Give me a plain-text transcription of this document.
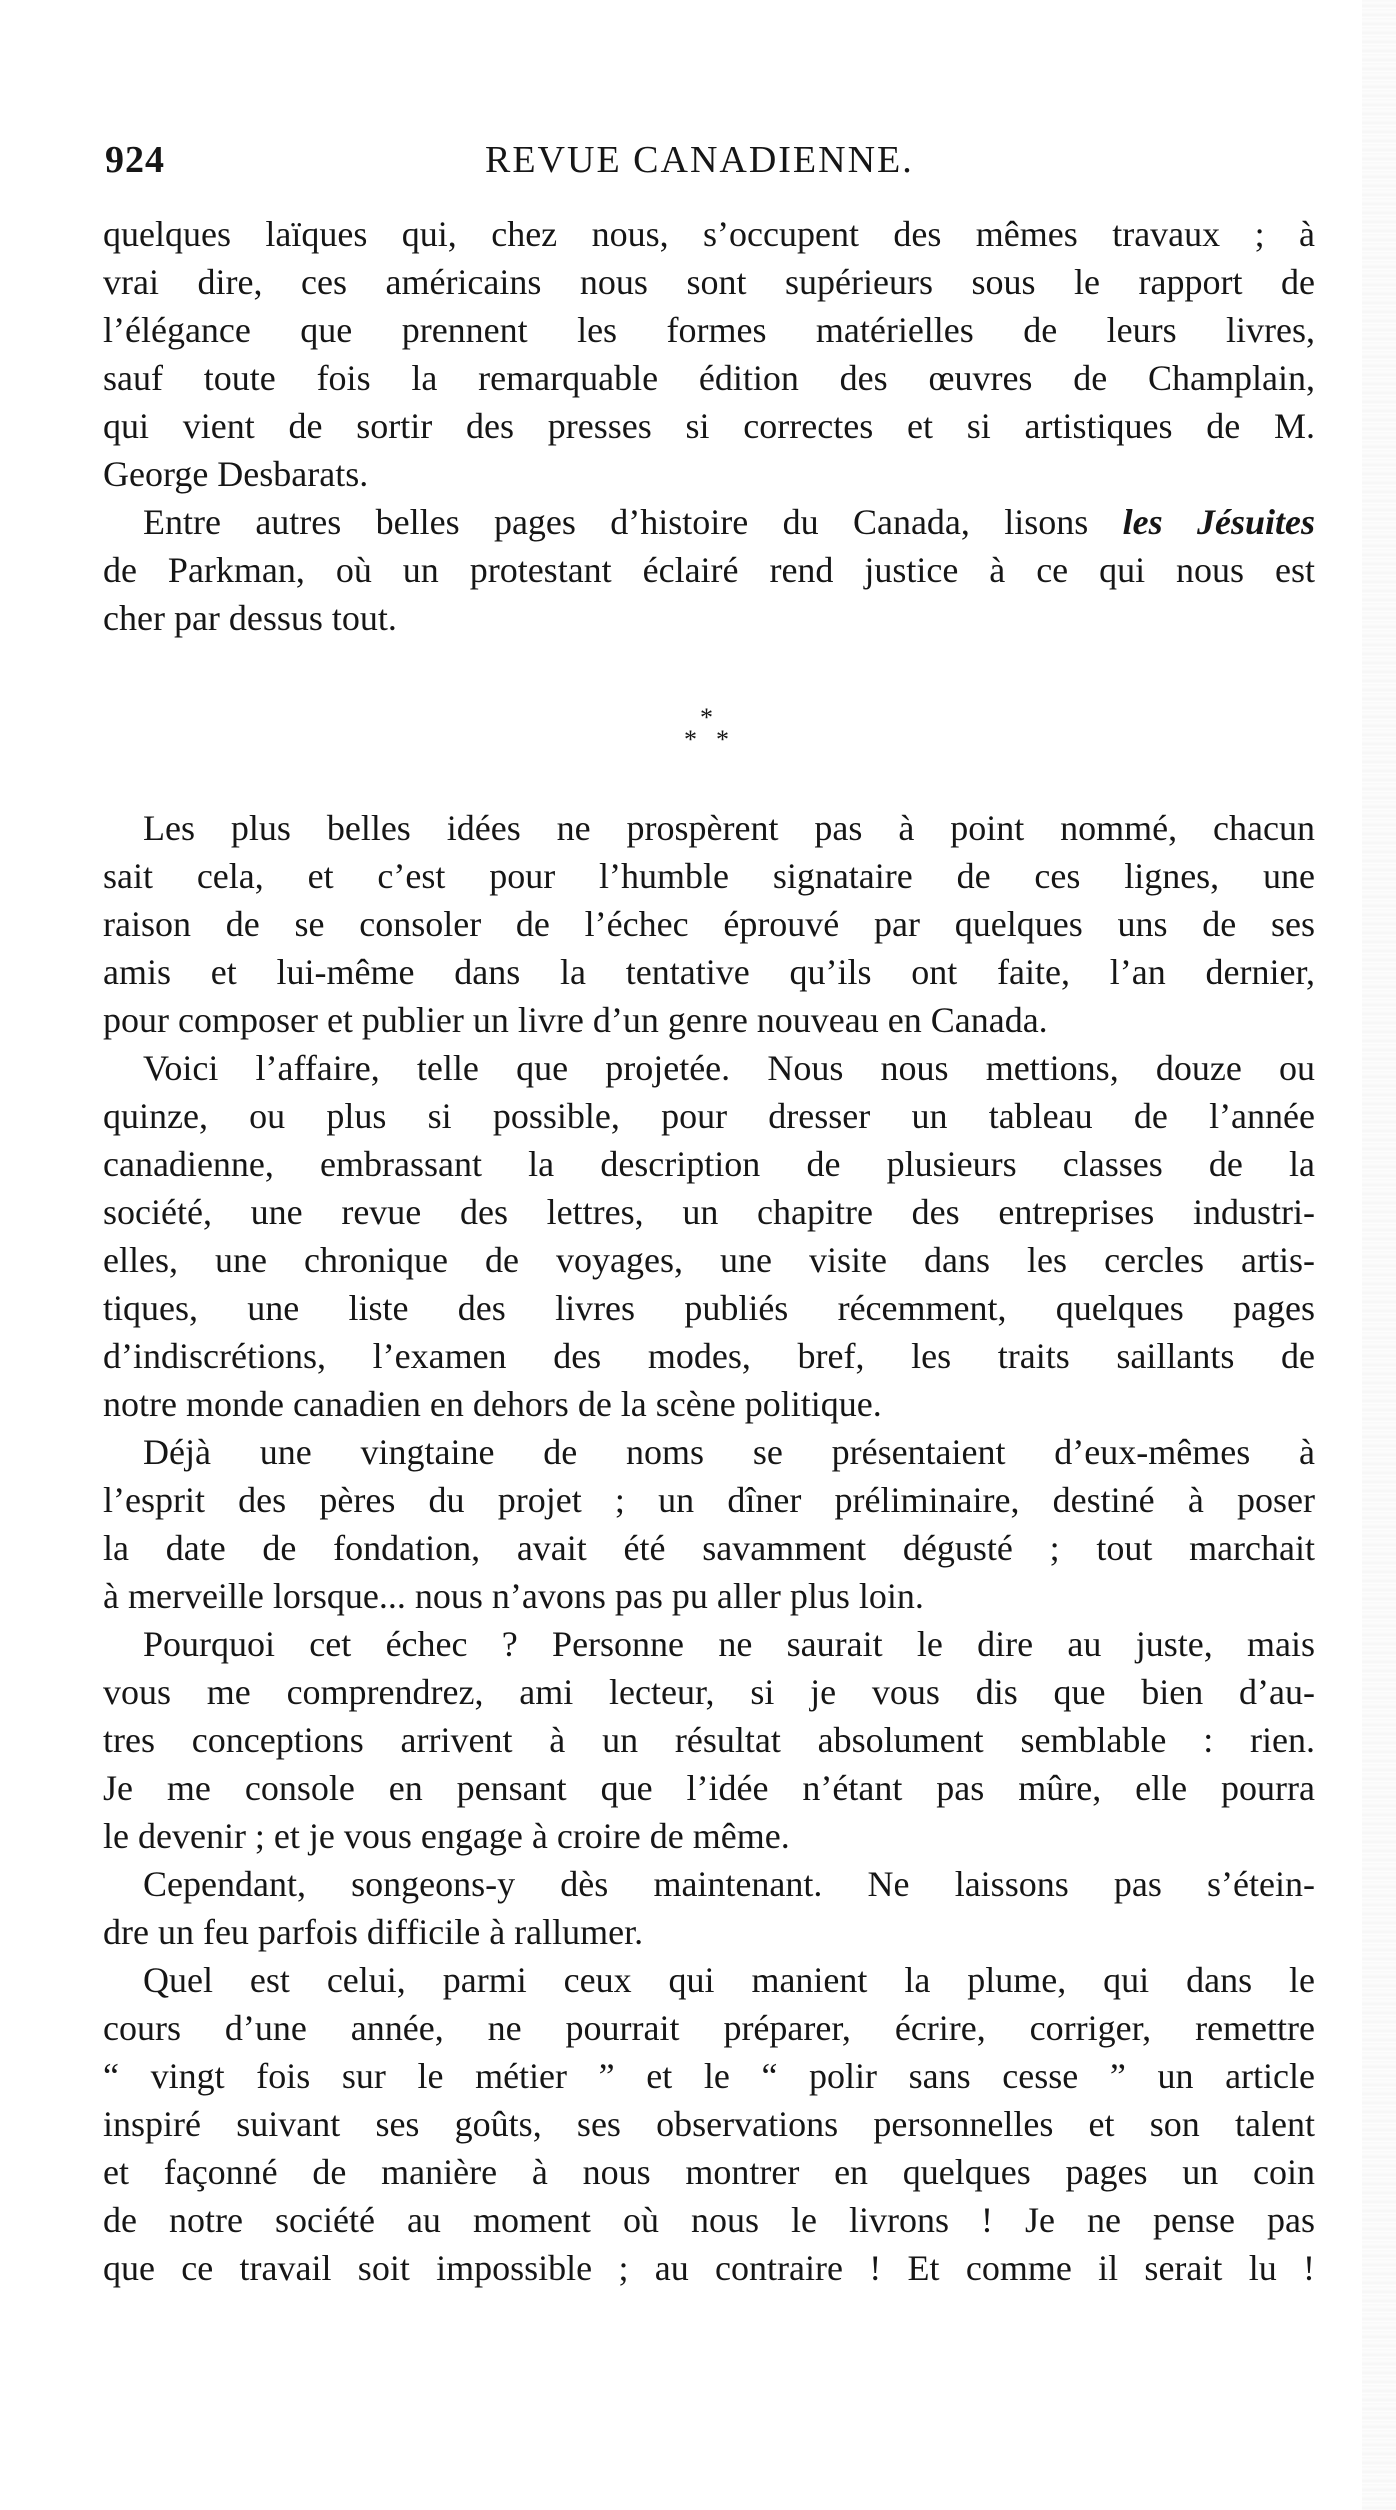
924	REVUE CANADIENNE.
quelques laïques qui, chez nous, s’occupent des mêmes travaux ; à
vrai dire, ces américains nous sont supérieurs sous le rapport de
l’élégance que prennent les formes matérielles de leurs livres,
sauf toute fois la remarquable édition des œuvres de Champlain,
qui vient de sortir des presses si correctes et si artistiques de M.
George Desbarats.
Entre autres belles pages d’histoire du Canada, lisons les Jésuites
de Parkman, où un protestant éclairé rend justice à ce qui nous est
cher par dessus tout.
*
* *
Les plus belles idées ne prospèrent pas à point nommé, chacun
sait cela, et c’est pour l’humble signataire de ces lignes, une
raison de se consoler de l’échec éprouvé par quelques uns de ses
amis et lui-même dans la tentative qu’ils ont faite, l’an dernier,
pour composer et publier un livre d’un genre nouveau en Canada.
Voici l’affaire, telle que projetée. Nous nous mettions, douze ou
quinze, ou plus si possible, pour dresser un tableau de l’année
canadienne, embrassant la description de plusieurs classes de la
société, une revue des lettres, un chapitre des entreprises industri-
elles, une chronique de voyages, une visite dans les cercles artis-
tiques, une liste des livres publiés récemment, quelques pages
d’indiscrétions, l’examen des modes, bref, les traits saillants de
notre monde canadien en dehors de la scène politique.
Déjà une vingtaine de noms se présentaient d’eux-mêmes à
l’esprit des pères du projet ; un dîner préliminaire, destiné à poser
la date de fondation, avait été savamment dégusté ; tout marchait
à merveille lorsque... nous n’avons pas pu aller plus loin.
Pourquoi cet échec ? Personne ne saurait le dire au juste, mais
vous me comprendrez, ami lecteur, si je vous dis que bien d’au-
tres conceptions arrivent à un résultat absolument semblable : rien.
Je me console en pensant que l’idée n’étant pas mûre, elle pourra
le devenir ; et je vous engage à croire de même.
Cependant, songeons-y dès maintenant. Ne laissons pas s’étein-
dre un feu parfois difficile à rallumer.
Quel est celui, parmi ceux qui manient la plume, qui dans le
cours d’une année, ne pourrait préparer, écrire, corriger, remettre
“ vingt fois sur le métier ” et le “ polir sans cesse ” un article
inspiré suivant ses goûts, ses observations personnelles et son talent
et façonné de manière à nous montrer en quelques pages un coin
de notre société au moment où nous le livrons ! Je ne pense pas
que ce travail soit impossible ; au contraire ! Et comme il serait lu !
